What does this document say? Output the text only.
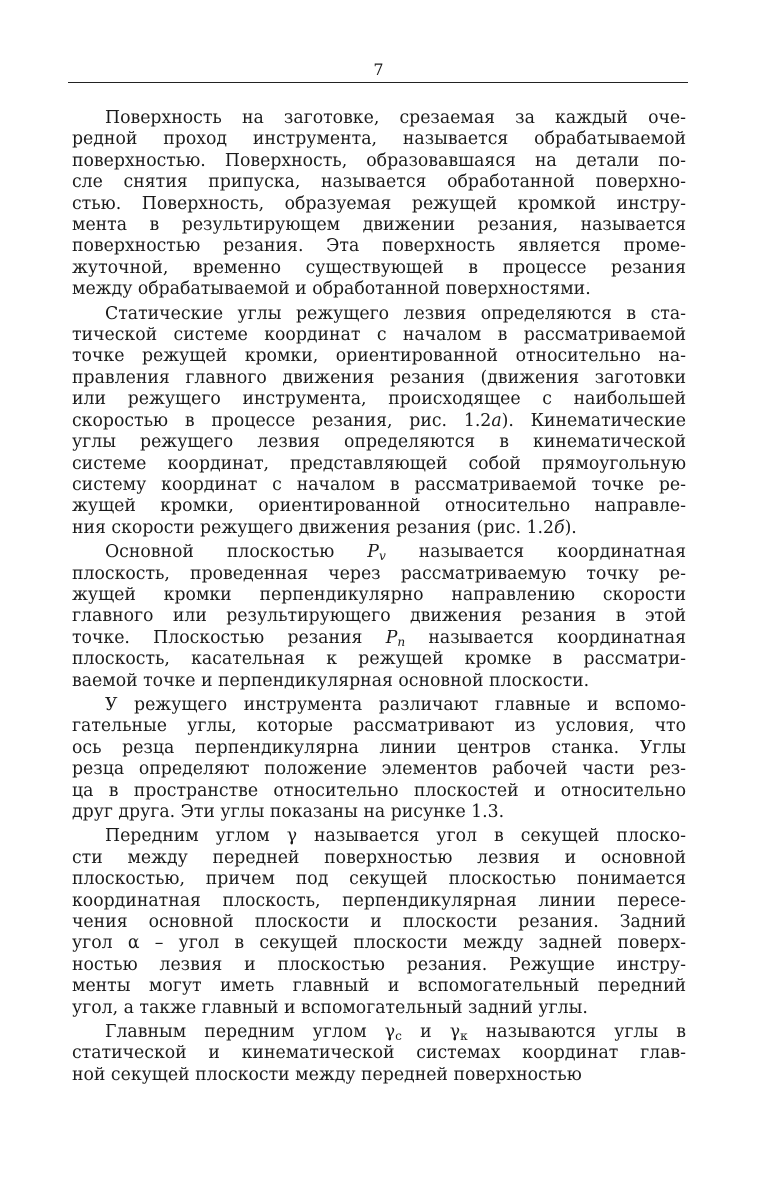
7

Поверхность на заготовке, срезаемая за каждый оче-
редной проход инструмента, называется обрабатываемой
поверхностью. Поверхность, образовавшаяся на детали по-
сле снятия припуска, называется обработанной поверхно-
стью. Поверхность, образуемая режущей кромкой инстру-
мента в результирующем движении резания, называется
поверхностью резания. Эта поверхность является проме-
жуточной, временно существующей в процессе резания
между обрабатываемой и обработанной поверхностями.

Статические углы режущего лезвия определяются в ста-
тической системе координат с началом в рассматриваемой
точке режущей кромки, ориентированной относительно на-
правления главного движения резания (движения заготовки
или режущего инструмента, происходящее с наибольшей
скоростью в процессе резания, рис. 1.2а). Кинематические
углы режущего лезвия определяются в кинематической
системе координат, представляющей собой прямоугольную
систему координат с началом в рассматриваемой точке ре-
жущей кромки, ориентированной относительно направле-
ния скорости режущего движения резания (рис. 1.2б).

Основной плоскостью $P_v$ называется координатная
плоскость, проведенная через рассматриваемую точку ре-
жущей кромки перпендикулярно направлению скорости
главного или результирующего движения резания в этой
точке. Плоскостью резания $P_n$ называется координатная
плоскость, касательная к режущей кромке в рассматри-
ваемой точке и перпендикулярная основной плоскости.

У режущего инструмента различают главные и вспомо-
гательные углы, которые рассматривают из условия, что
ось резца перпендикулярна линии центров станка. Углы
резца определяют положение элементов рабочей части рез-
ца в пространстве относительно плоскостей и относительно
друг друга. Эти углы показаны на рисунке 1.3.

Передним углом γ называется угол в секущей плоско-
сти между передней поверхностью лезвия и основной
плоскостью, причем под секущей плоскостью понимается
координатная плоскость, перпендикулярная линии пересе-
чения основной плоскости и плоскости резания. Задний
угол α – угол в секущей плоскости между задней поверх-
ностью лезвия и плоскостью резания. Режущие инстру-
менты могут иметь главный и вспомогательный передний
угол, а также главный и вспомогательный задний углы.

Главным передним углом $\gamma_с$ и $\gamma_к$ называются углы в
статической и кинематической системах координат глав-
ной секущей плоскости между передней поверхностью
